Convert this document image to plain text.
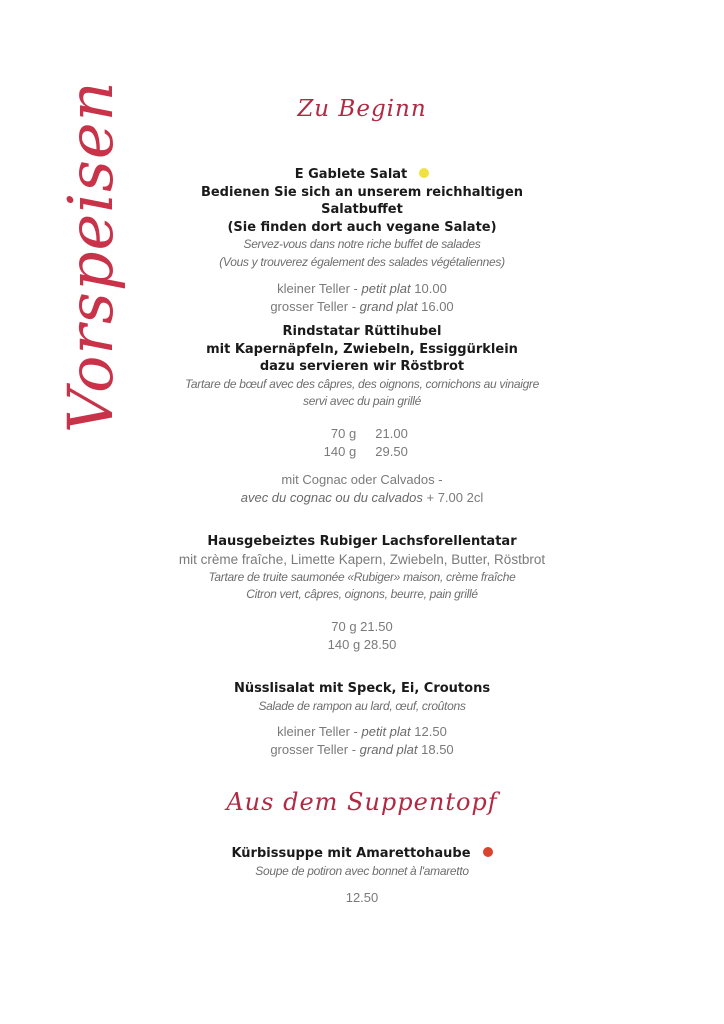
Vorspeisen	Zu Beginn
E Gablete Salat
Bedienen Sie sich an unserem reichhaltigen Salatbuffet
(Sie finden dort auch vegane Salate)
Servez-vous dans notre riche buffet de salades
(Vous y trouverez également des salades végétaliennes)
kleiner Teller - petit plat 10.00
grosser Teller - grand plat 16.00
Rindstatar Rüttihubel
mit Kapernäpfeln, Zwiebeln, Essiggürklein
dazu servieren wir Röstbrot
Tartare de bœuf avec des câpres, des oignons, cornichons au vinaigre
servi avec du pain grillé
70 g 21.00
140 g 29.50
mit Cognac oder Calvados -
avec du cognac ou du calvados + 7.00 2cl
Hausgebeiztes Rubiger Lachsforellentatar
mit crème fraîche, Limette Kapern, Zwiebeln, Butter, Röstbrot
Tartare de truite saumonée «Rubiger» maison, crème fraîche
Citron vert, câpres, oignons, beurre, pain grillé
70 g 21.50
140 g 28.50
Nüsslisalat mit Speck, Ei, Croutons
Salade de rampon au lard, œuf, croûtons
kleiner Teller - petit plat 12.50
grosser Teller - grand plat 18.50
Aus dem Suppentopf
Kürbissuppe mit Amarettohaube
Soupe de potiron avec bonnet à l'amaretto
12.50
